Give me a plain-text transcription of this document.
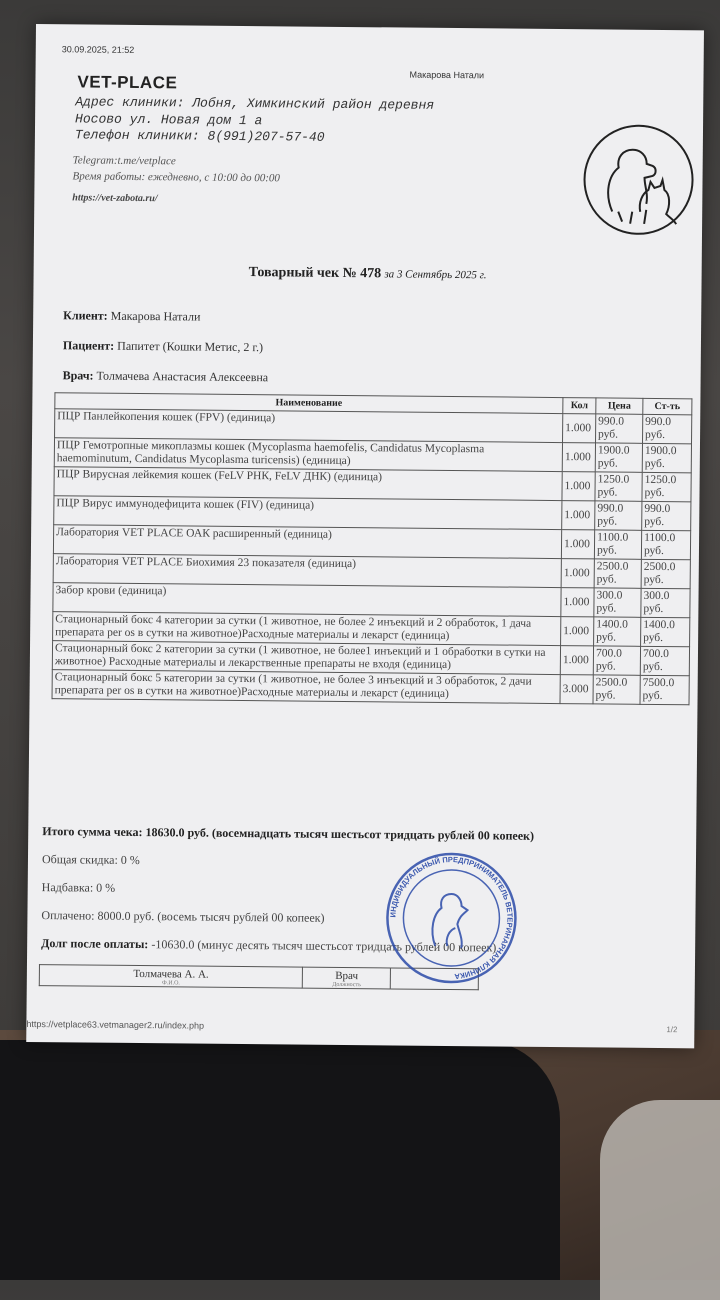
30.09.2025, 21:52
Макарова Натали
VET-PLACE
Адрес клиники: Лобня, Химкинский район деревня
Носово ул. Новая дом 1 а
Телефон клиники: 8(991)207-57-40
Telegram:t.me/vetplace
Время работы: ежедневно, с 10:00 до 00:00
https://vet-zabota.ru/
Товарный чек № 478 за 3 Сентябрь 2025 г.
Клиент: Макарова Натали
Пациент: Папитет (Кошки Метис, 2 г.)
Врач: Толмачева Анастасия Алексеевна
Наименование	Кол	Цена	Ст-ть
ПЦР Панлейкопения кошек (FPV) (единица)	1.000	990.0 руб.	990.0 руб.
ПЦР Гемотропные микоплазмы кошек (Mycoplasma haemofelis, Candidatus Mycoplasma haemominutum, Candidatus Mycoplasma turicensis) (единица)	1.000	1900.0 руб.	1900.0 руб.
ПЦР Вирусная лейкемия кошек (FeLV РНК, FeLV ДНК) (единица)	1.000	1250.0 руб.	1250.0 руб.
ПЦР Вирус иммунодефицита кошек (FIV) (единица)	1.000	990.0 руб.	990.0 руб.
Лаборатория VET PLACE ОАК расширенный (единица)	1.000	1100.0 руб.	1100.0 руб.
Лаборатория VET PLACE Биохимия 23 показателя (единица)	1.000	2500.0 руб.	2500.0 руб.
Забор крови (единица)	1.000	300.0 руб.	300.0 руб.
Стационарный бокс 4 категории за сутки (1 животное, не более 2 инъекций и 2 обработок, 1 дача препарата per os в сутки на животное)Расходные материалы и лекарст (единица)	1.000	1400.0 руб.	1400.0 руб.
Стационарный бокс 2 категории за сутки (1 животное, не более1 инъекций и 1 обработки в сутки на животное) Расходные материалы и лекарственные препараты не входя (единица)	1.000	700.0 руб.	700.0 руб.
Стационарный бокс 5 категории за сутки (1 животное, не более 3 инъекций и 3 обработок, 2 дачи препарата per os в сутки на животное)Расходные материалы и лекарст (единица)	3.000	2500.0 руб.	7500.0 руб.
Итого сумма чека: 18630.0 руб. (восемнадцать тысяч шестьсот тридцать рублей 00 копеек)
Общая скидка: 0 %
Надбавка: 0 %
Оплачено: 8000.0 руб. (восемь тысяч рублей 00 копеек)
Долг после оплаты: -10630.0 (минус десять тысяч шестьсот тридцать рублей 00 копеек)
Толмачева А. А.
Ф.И.О.
	Врач
Должность

ИНДИВИДУАЛЬНЫЙ ПРЕДПРИНИМАТЕЛЬ ВЕТЕРИНАРНАЯ КЛИНИКА
https://vetplace63.vetmanager2.ru/index.php	1/2
